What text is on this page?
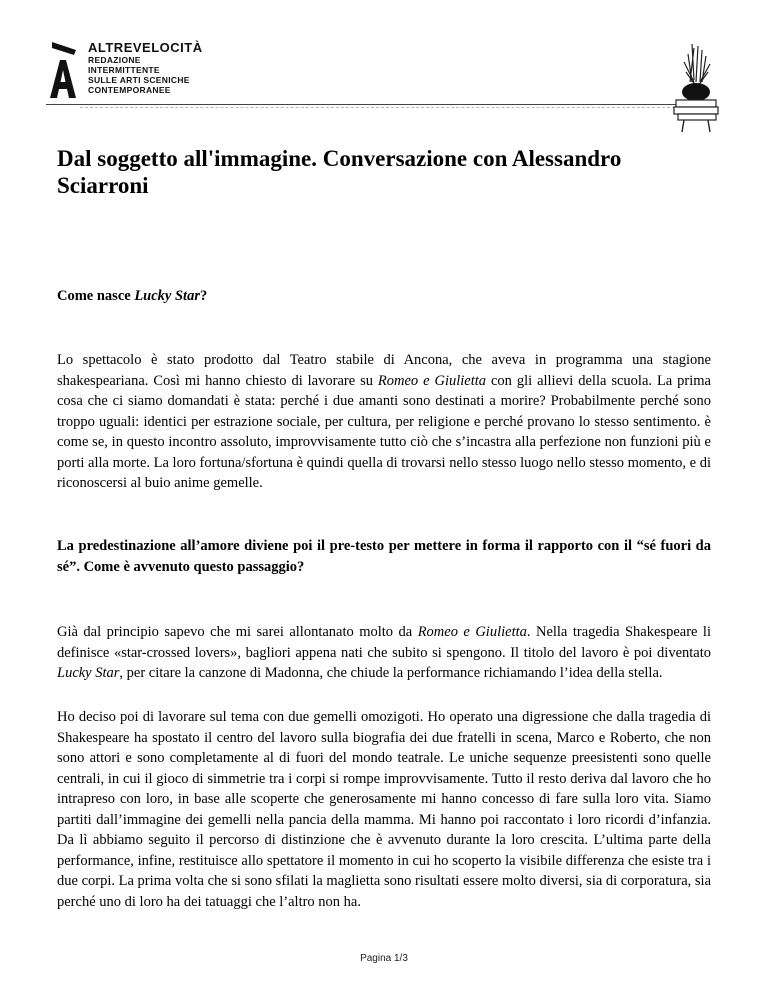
ALTREVELOCITÀ
REDAZIONE
INTERMITTENTE
SULLE ARTI SCENICHE
CONTEMPORANEE
Dal soggetto all'immagine. Conversazione con Alessandro Sciarroni

Come nasce Lucky Star?

Lo spettacolo è stato prodotto dal Teatro stabile di Ancona, che aveva in programma una stagione shakespeariana. Così mi hanno chiesto di lavorare su Romeo e Giulietta con gli allievi della scuola. La prima cosa che ci siamo domandati è stata: perché i due amanti sono destinati a morire? Probabilmente perché sono troppo uguali: identici per estrazione sociale, per cultura, per religione e perché provano lo stesso sentimento. è come se, in questo incontro assoluto, improvvisamente tutto ciò che s’incastra alla perfezione non funzioni più e porti alla morte. La loro fortuna/sfortuna è quindi quella di trovarsi nello stesso luogo nello stesso momento, e di riconoscersi al buio anime gemelle.

La predestinazione all’amore diviene poi il pre-testo per mettere in forma il rapporto con il “sé fuori da sé”. Come è avvenuto questo passaggio?

Già dal principio sapevo che mi sarei allontanato molto da Romeo e Giulietta. Nella tragedia Shakespeare li definisce «star-crossed lovers», bagliori appena nati che subito si spengono. Il titolo del lavoro è poi diventato Lucky Star, per citare la canzone di Madonna, che chiude la performance richiamando l’idea della stella.

Ho deciso poi di lavorare sul tema con due gemelli omozigoti. Ho operato una digressione che dalla tragedia di Shakespeare ha spostato il centro del lavoro sulla biografia dei due fratelli in scena, Marco e Roberto, che non sono attori e sono completamente al di fuori del mondo teatrale. Le uniche sequenze preesistenti sono quelle centrali, in cui il gioco di simmetrie tra i corpi si rompe improvvisamente. Tutto il resto deriva dal lavoro che ho intrapreso con loro, in base alle scoperte che generosamente mi hanno concesso di fare sulla loro vita. Siamo partiti dall’immagine dei gemelli nella pancia della mamma. Mi hanno poi raccontato i loro ricordi d’infanzia. Da lì abbiamo seguito il percorso di distinzione che è avvenuto durante la loro crescita. L’ultima parte della performance, infine, restituisce allo spettatore il momento in cui ho scoperto la visibile differenza che esiste tra i due corpi. La prima volta che si sono sfilati la maglietta sono risultati essere molto diversi, sia di corporatura, sia perché uno di loro ha dei tatuaggi che l’altro non ha.

Pagina 1/3
